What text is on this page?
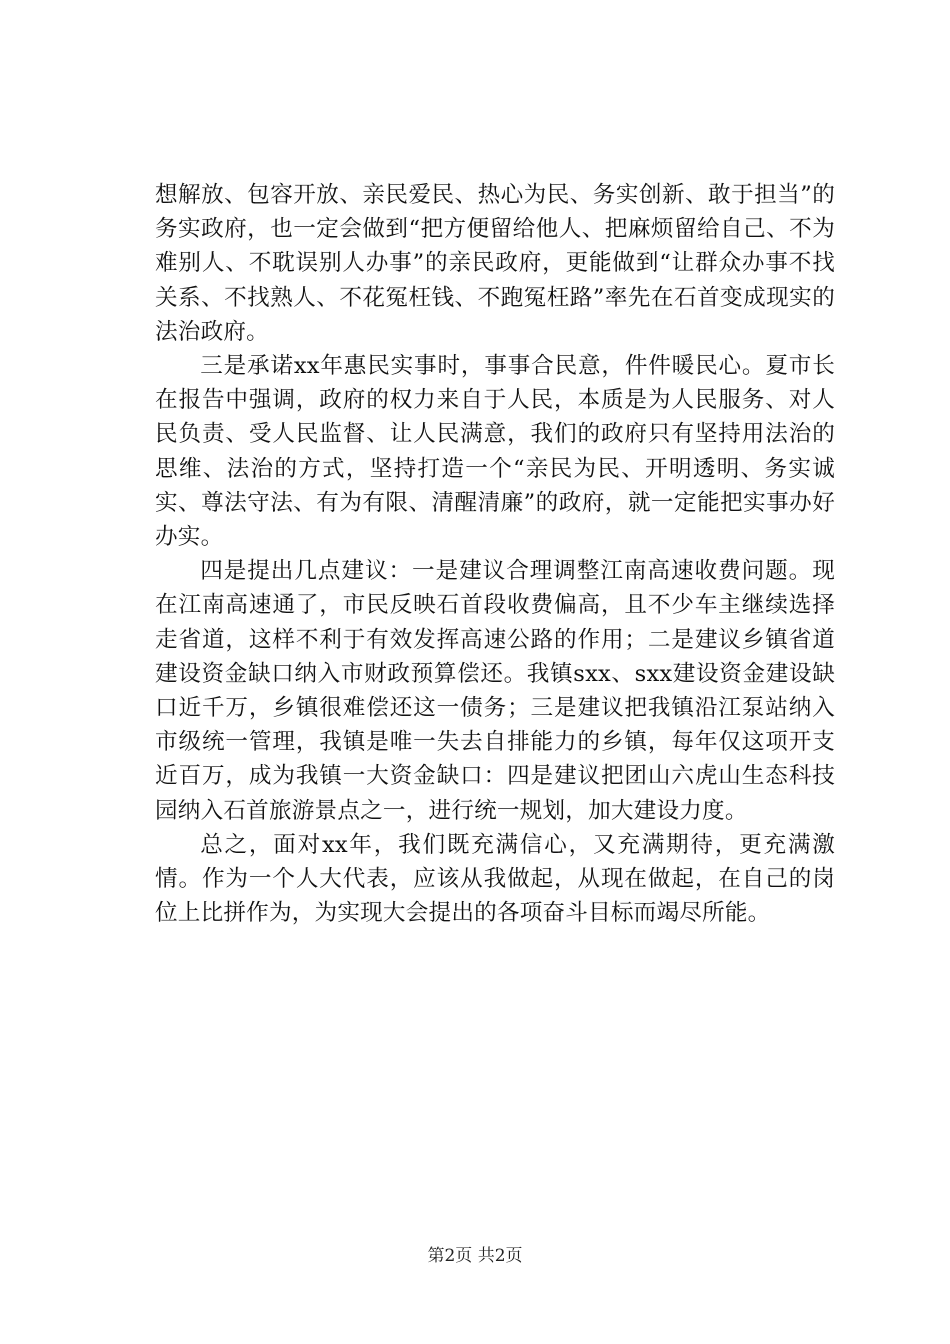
想解放、包容开放、亲民爱民、热心为民、务实创新、敢于担当”的务实政府，也一定会做到“把方便留给他人、把麻烦留给自己、不为难别人、不耽误别人办事”的亲民政府，更能做到“让群众办事不找关系、不找熟人、不花冤枉钱、不跑冤枉路”率先在石首变成现实的法治政府。

三是承诺xx年惠民实事时，事事合民意，件件暖民心。夏市长在报告中强调，政府的权力来自于人民，本质是为人民服务、对人民负责、受人民监督、让人民满意，我们的政府只有坚持用法治的思维、法治的方式，坚持打造一个“亲民为民、开明透明、务实诚实、尊法守法、有为有限、清醒清廉”的政府，就一定能把实事办好办实。

四是提出几点建议：一是建议合理调整江南高速收费问题。现在江南高速通了，市民反映石首段收费偏高，且不少车主继续选择走省道，这样不利于有效发挥高速公路的作用；二是建议乡镇省道建设资金缺口纳入市财政预算偿还。我镇sxx、sxx建设资金建设缺口近千万，乡镇很难偿还这一债务；三是建议把我镇沿江泵站纳入市级统一管理，我镇是唯一失去自排能力的乡镇，每年仅这项开支近百万，成为我镇一大资金缺口：四是建议把团山六虎山生态科技园纳入石首旅游景点之一，进行统一规划，加大建设力度。

总之，面对xx年，我们既充满信心，又充满期待，更充满激情。作为一个人大代表，应该从我做起，从现在做起，在自己的岗位上比拼作为，为实现大会提出的各项奋斗目标而竭尽所能。

第2页 共2页
